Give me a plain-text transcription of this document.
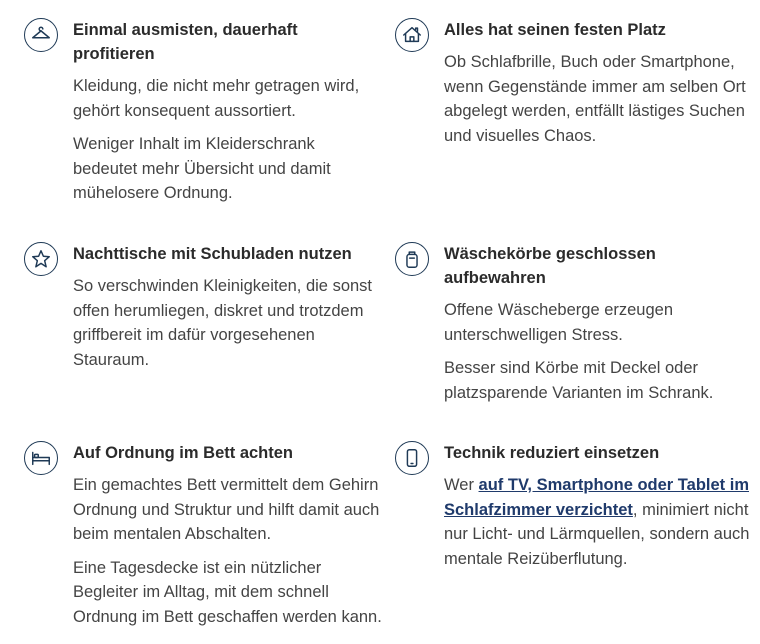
Einmal ausmisten, dauerhaft profitieren

Kleidung, die nicht mehr getragen wird, gehört konsequent aussortiert.

Weniger Inhalt im Kleiderschrank bedeutet mehr Übersicht und damit mühelosere Ordnung.

Alles hat seinen festen Platz

Ob Schlafbrille, Buch oder Smartphone, wenn Gegenstände immer am selben Ort abgelegt werden, entfällt lästiges Suchen und visuelles Chaos.

Nachttische mit Schubladen nutzen

So verschwinden Kleinigkeiten, die sonst offen herumliegen, diskret und trotzdem griffbereit im dafür vorgesehenen Stauraum.

Wäschekörbe geschlossen aufbewahren

Offene Wäscheberge erzeugen unterschwelligen Stress.

Besser sind Körbe mit Deckel oder platzsparende Varianten im Schrank.

Auf Ordnung im Bett achten

Ein gemachtes Bett vermittelt dem Gehirn Ordnung und Struktur und hilft damit auch beim mentalen Abschalten.

Eine Tagesdecke ist ein nützlicher Begleiter im Alltag, mit dem schnell Ordnung im Bett geschaffen werden kann.

Technik reduziert einsetzen

Wer auf TV, Smartphone oder Tablet im Schlafzimmer verzichtet, minimiert nicht nur Licht- und Lärmquellen, sondern auch mentale Reizüberflutung.
